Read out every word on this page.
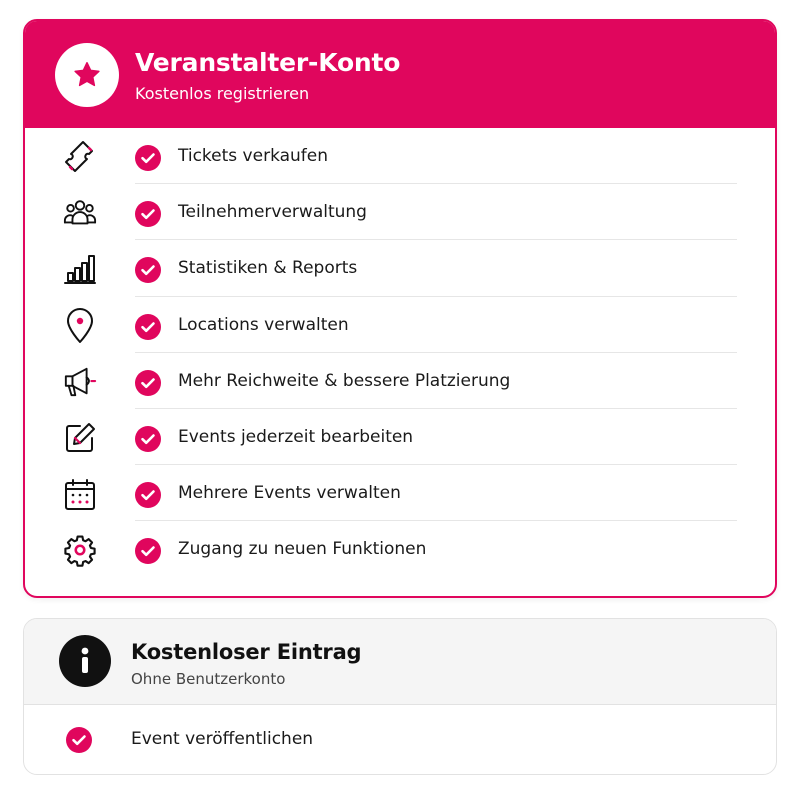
Veranstalter-Konto
Kostenlos registrieren
Tickets verkaufen
Teilnehmerverwaltung
Statistiken & Reports
Locations verwalten
Mehr Reichweite & bessere Platzierung
Events jederzeit bearbeiten
Mehrere Events verwalten
Zugang zu neuen Funktionen
Kostenloser Eintrag
Ohne Benutzerkonto
Event veröffentlichen
